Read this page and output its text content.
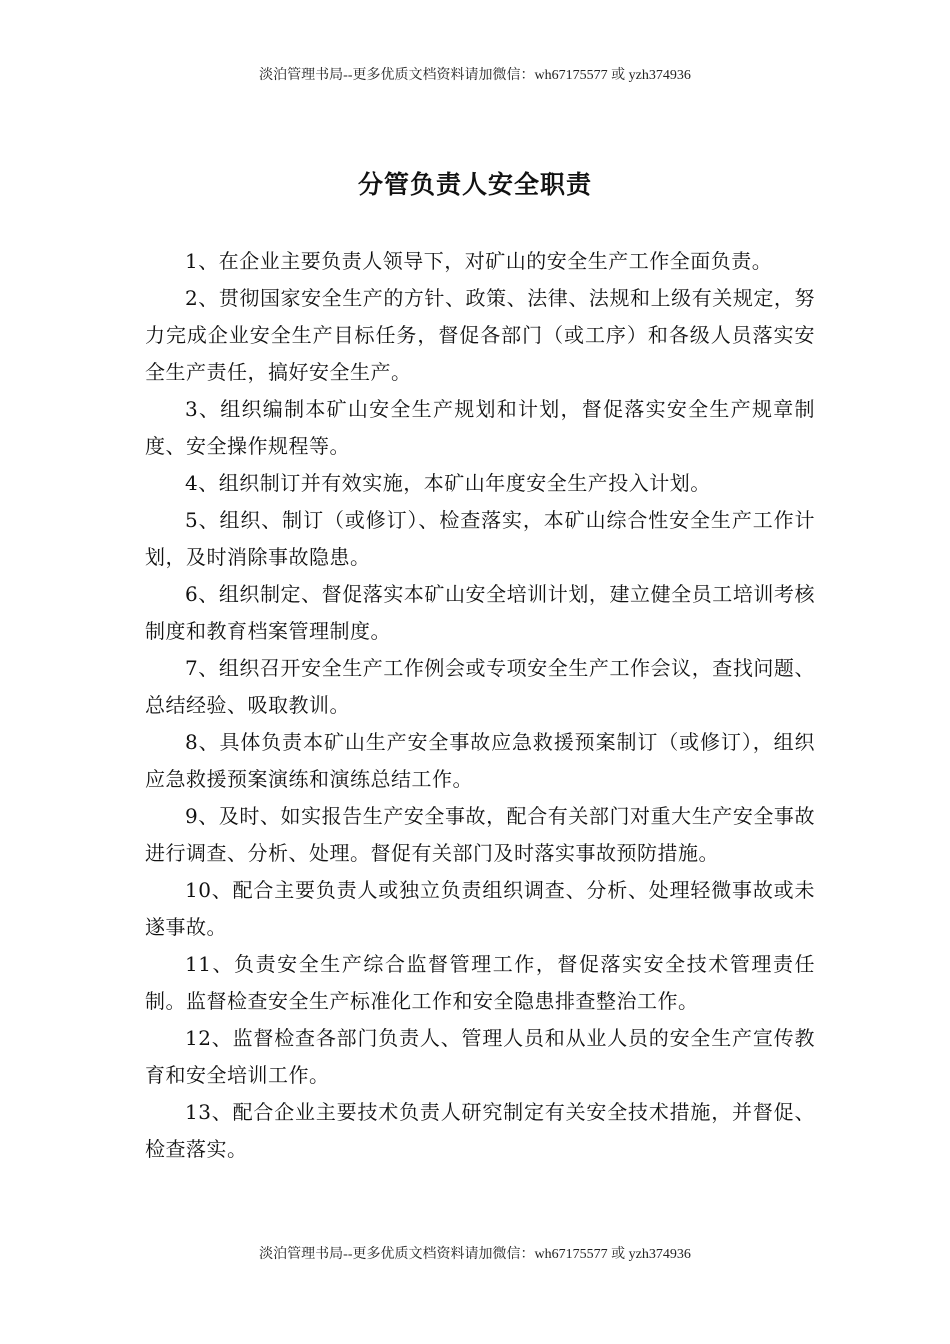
淡泊管理书局--更多优质文档资料请加微信：wh67175577 或 yzh374936
分管负责人安全职责

1、在企业主要负责人领导下，对矿山的安全生产工作全面负责。

2、贯彻国家安全生产的方针、政策、法律、法规和上级有关规定，努力完成企业安全生产目标任务，督促各部门（或工序）和各级人员落实安全生产责任，搞好安全生产。

3、组织编制本矿山安全生产规划和计划，督促落实安全生产规章制度、安全操作规程等。

4、组织制订并有效实施，本矿山年度安全生产投入计划。

5、组织、制订（或修订）、检查落实，本矿山综合性安全生产工作计划，及时消除事故隐患。

6、组织制定、督促落实本矿山安全培训计划，建立健全员工培训考核制度和教育档案管理制度。

7、组织召开安全生产工作例会或专项安全生产工作会议，查找问题、总结经验、吸取教训。

8、具体负责本矿山生产安全事故应急救援预案制订（或修订），组织应急救援预案演练和演练总结工作。

9、及时、如实报告生产安全事故，配合有关部门对重大生产安全事故进行调查、分析、处理。督促有关部门及时落实事故预防措施。

10、配合主要负责人或独立负责组织调查、分析、处理轻微事故或未遂事故。

11、负责安全生产综合监督管理工作，督促落实安全技术管理责任制。监督检查安全生产标准化工作和安全隐患排查整治工作。

12、监督检查各部门负责人、管理人员和从业人员的安全生产宣传教育和安全培训工作。

13、配合企业主要技术负责人研究制定有关安全技术措施，并督促、检查落实。

淡泊管理书局--更多优质文档资料请加微信：wh67175577 或 yzh374936
